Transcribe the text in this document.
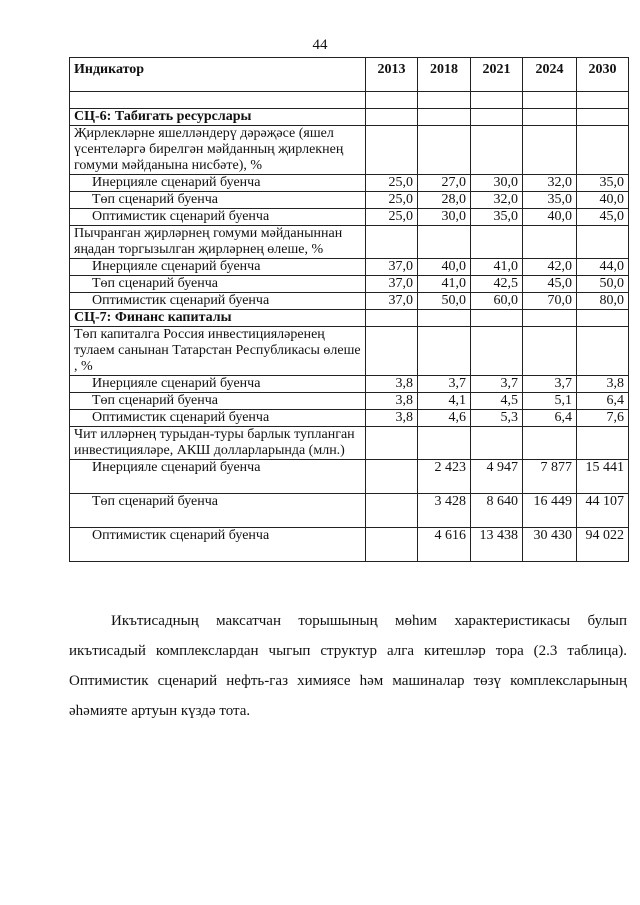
44
Индикатор	2013	2018	2021	2024	2030

СЦ-6: Табигать ресурслары					
Җирлекләрне яшелләндерү дәрәҗәсе (яшел үсентеләргә бирелгән мәйданның җирлекнең гомуми мәйданына нисбәте), %					
Инерцияле сценарий буенча	25,0	27,0	30,0	32,0	35,0
Төп сценарий буенча	25,0	28,0	32,0	35,0	40,0
Оптимистик сценарий буенча	25,0	30,0	35,0	40,0	45,0
Пычранган җирләрнең гомуми мәйданыннан яңадан торгызылган җирләрнең өлеше, %					
Инерцияле сценарий буенча	37,0	40,0	41,0	42,0	44,0
Төп сценарий буенча	37,0	41,0	42,5	45,0	50,0
Оптимистик сценарий буенча	37,0	50,0	60,0	70,0	80,0
СЦ-7: Финанс капиталы					
Төп капиталга Россия инвестицияләренең тулаем санынан Татарстан Республикасы өлеше , %					
Инерцияле сценарий буенча	3,8	3,7	3,7	3,7	3,8
Төп сценарий буенча	3,8	4,1	4,5	5,1	6,4
Оптимистик сценарий буенча	3,8	4,6	5,3	6,4	7,6
Чит илләрнең турыдан-туры барлык тупланган инвестицияләре, АКШ долларларында (млн.)					
Инерцияле сценарий буенча		2 423	4 947	7 877	15 441
Төп сценарий буенча		3 428	8 640	16 449	44 107
Оптимистик сценарий буенча		4 616	13 438	30 430	94 022
Икътисадның максатчан торышының мөһим характеристикасы булып икътисадый комплекслардан чыгып структур алга китешләр тора (2.3 таблица). Оптимистик сценарий нефть-газ химиясе һәм машиналар төзү комплексларының әһәмияте артуын күздә тота.
